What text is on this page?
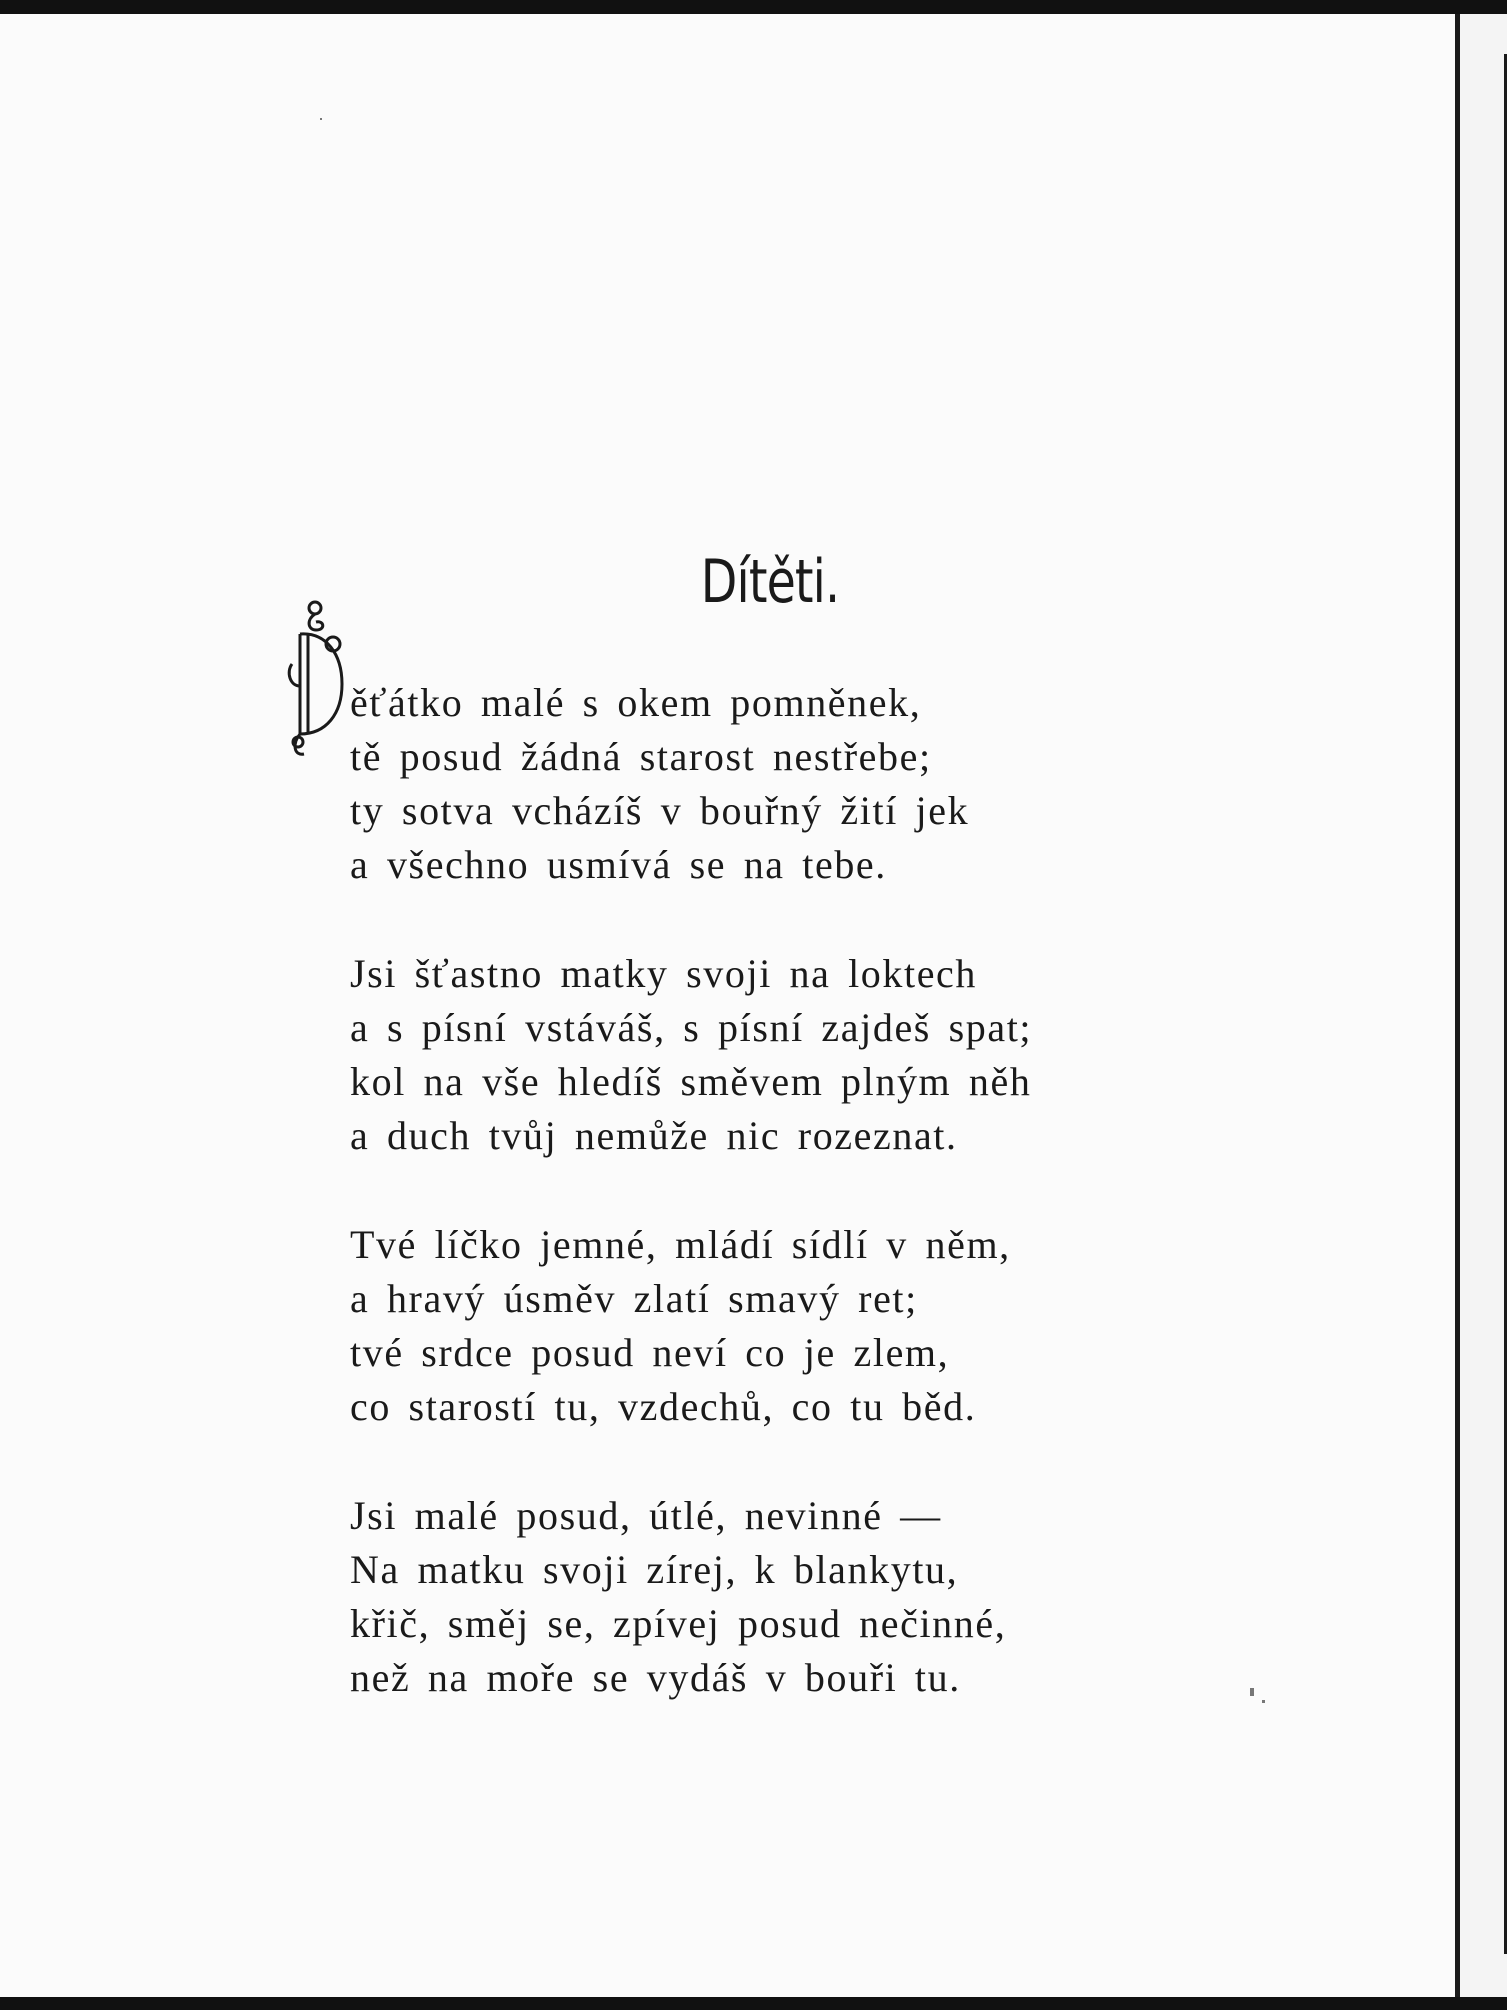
Dítěti.
ěťátko malé s okem pomněnek,
tě posud žádná starost nestřebe;
ty sotva vcházíš v bouřný žití jek
a všechno usmívá se na tebe.
Jsi šťastno matky svoji na loktech
a s písní vstáváš, s písní zajdeš spat;
kol na vše hledíš směvem plným něh
a duch tvůj nemůže nic rozeznat.
Tvé líčko jemné, mládí sídlí v něm,
a hravý úsměv zlatí smavý ret;
tvé srdce posud neví co je zlem,
co starostí tu, vzdechů, co tu běd.
Jsi malé posud, útlé, nevinné —
Na matku svoji zírej, k blankytu,
křič, směj se, zpívej posud nečinné,
než na moře se vydáš v bouři tu.
